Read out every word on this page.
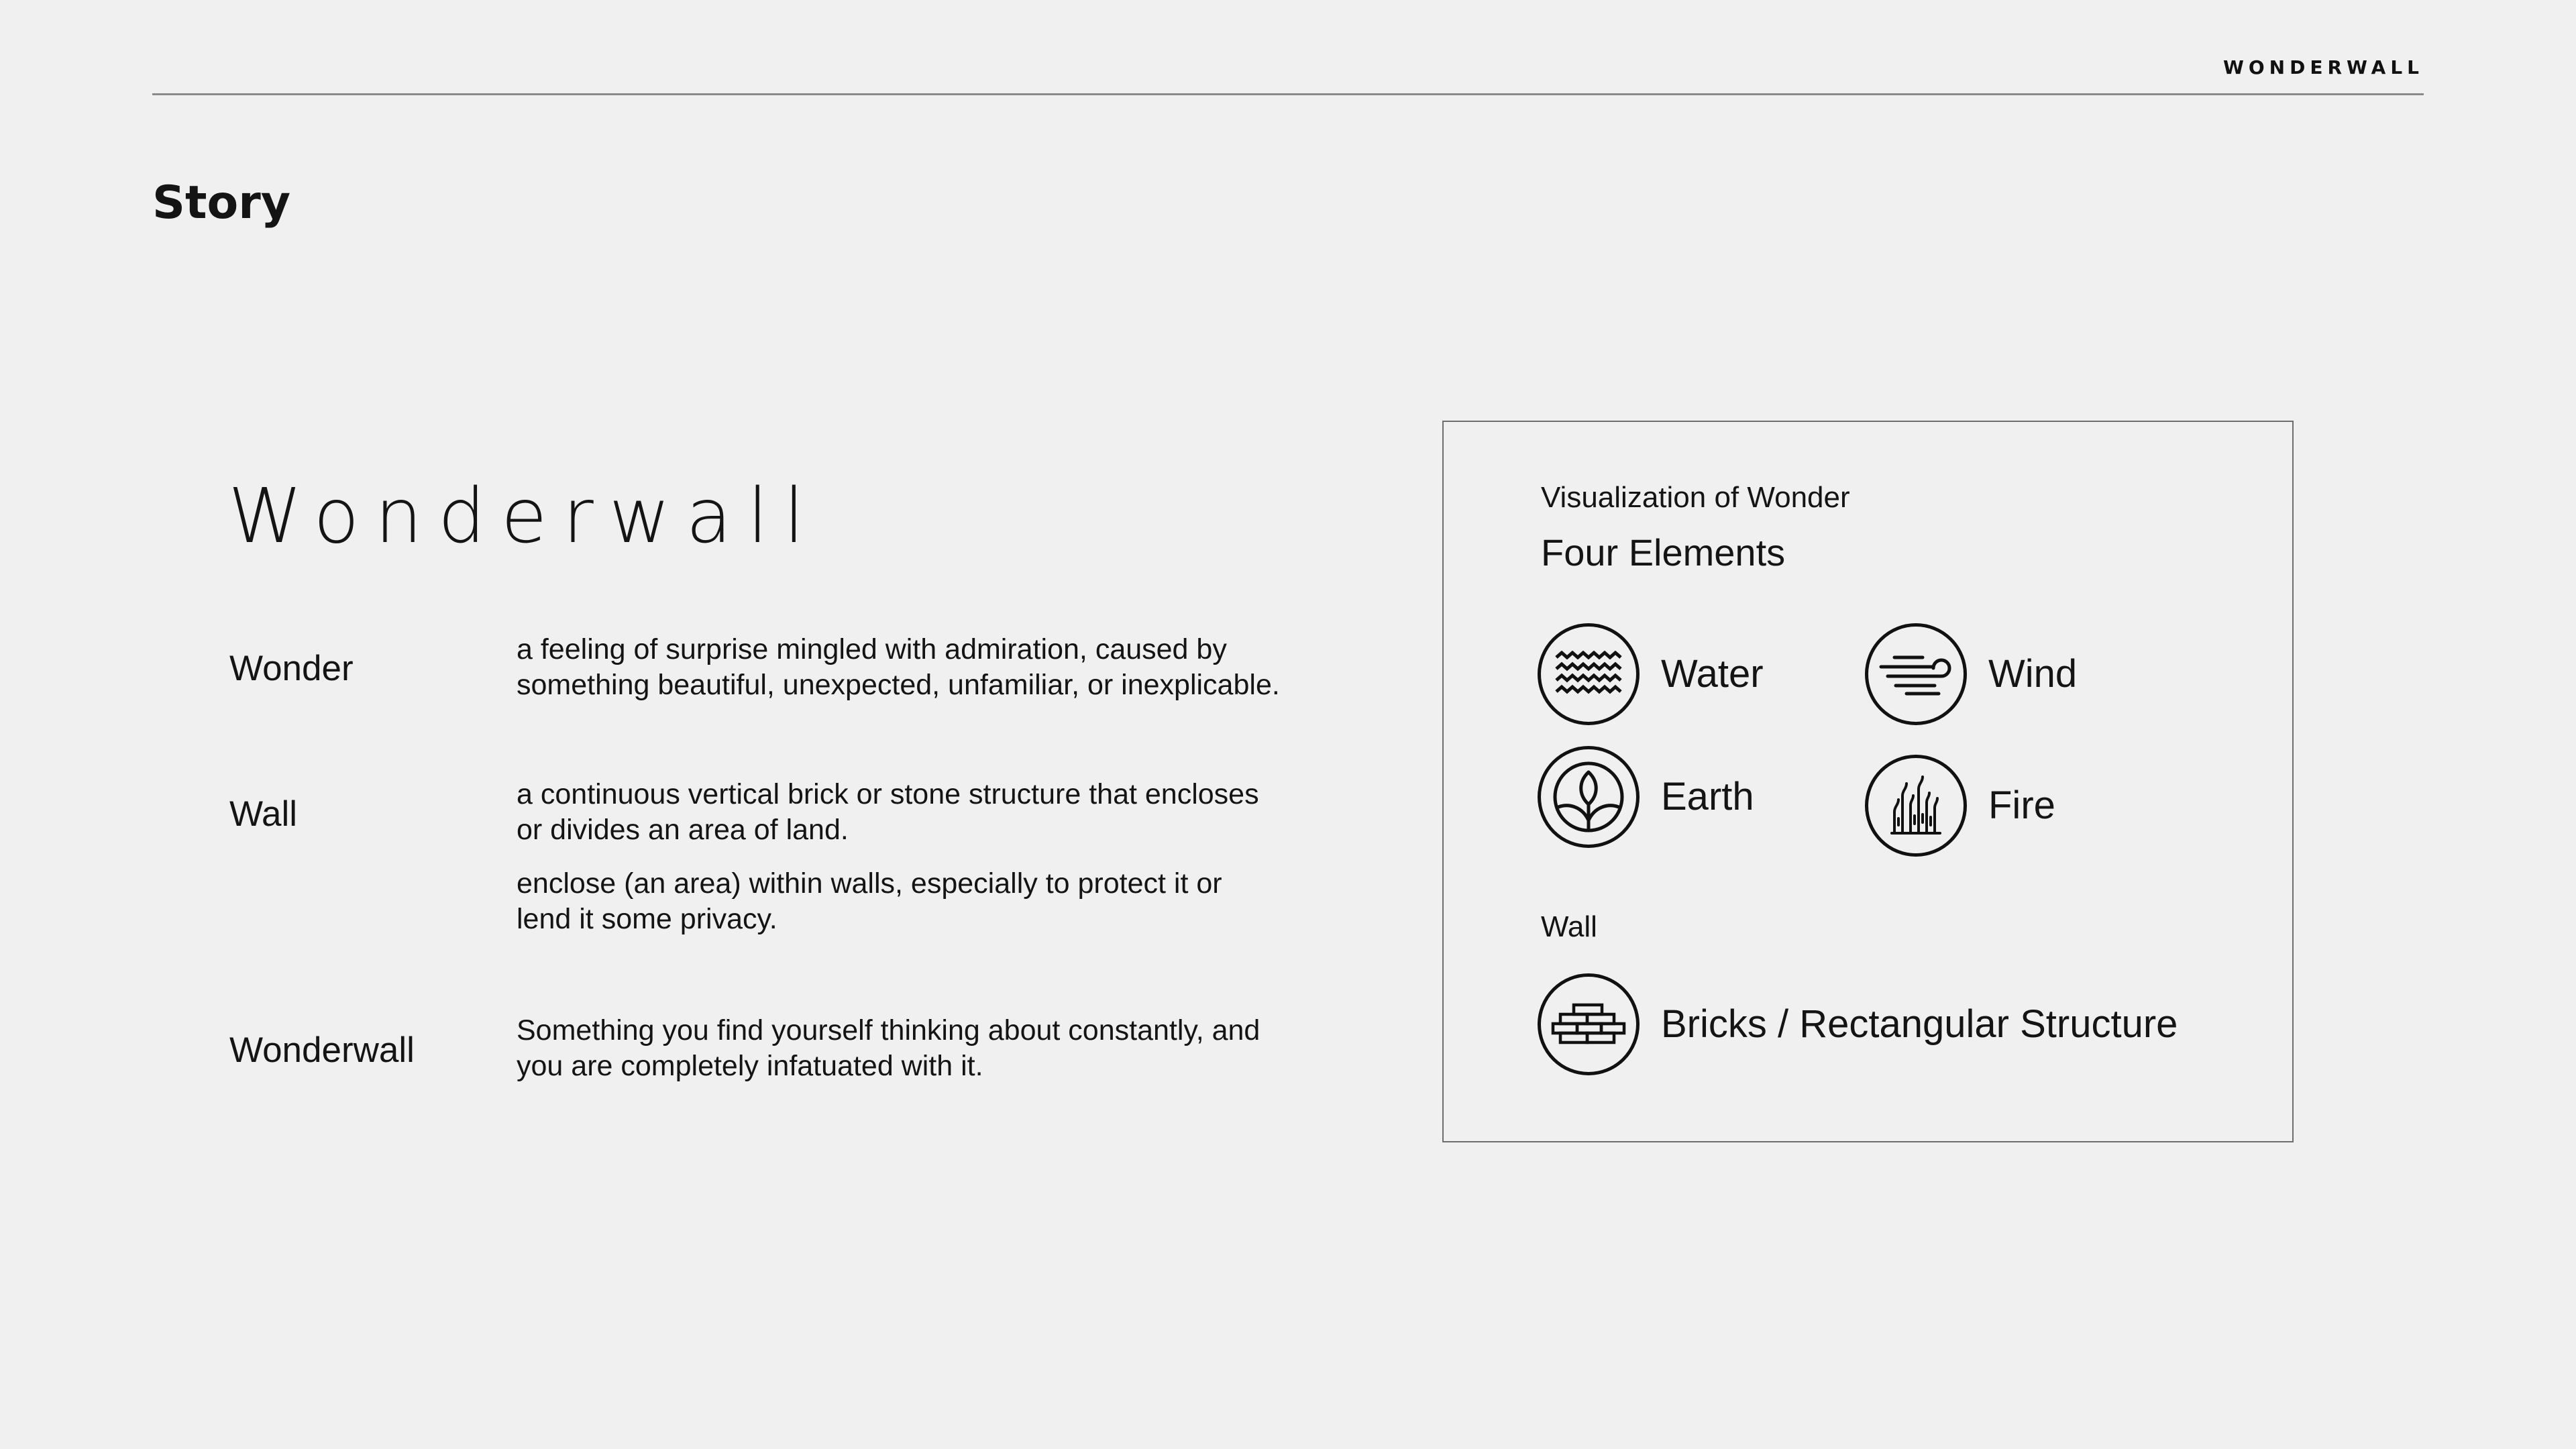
WONDERWALL
Story
Wonderwall
Wonder	a feeling of surprise mingled with admiration, caused by something beautiful, unexpected, unfamiliar, or inexplicable.

Wall	a continuous vertical brick or stone structure that encloses or divides an area of land.

enclose (an area) within walls, especially to protect it or lend it some privacy.

Wonderwall	Something you find yourself thinking about constantly, and you are completely infatuated with it.

Visualization of Wonder
Four Elements
Water	Wind
Earth	Fire
Wall
Bricks / Rectangular Structure
